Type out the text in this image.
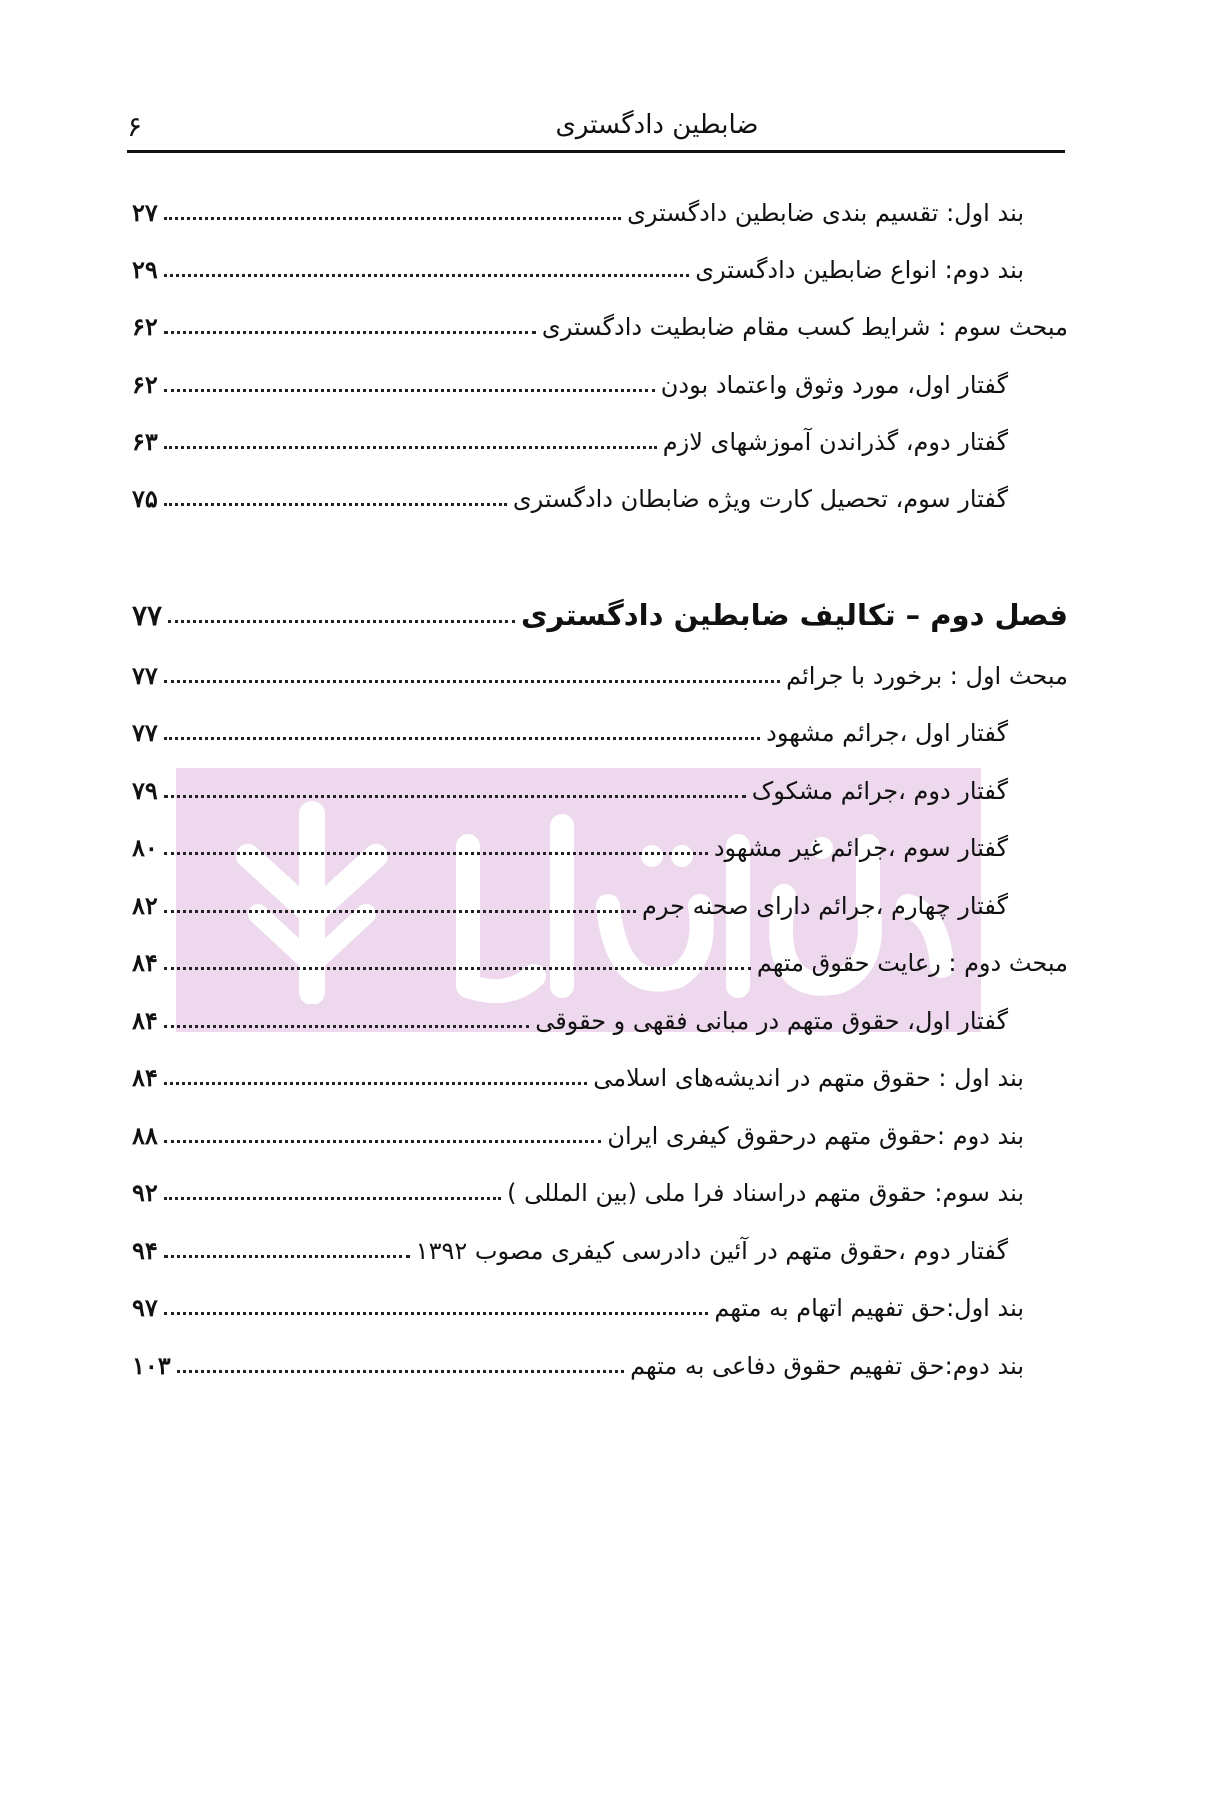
۶	ضابطین دادگستری
۲۷	بند اول: تقسیم بندی ضابطین دادگستری
۲۹	بند دوم: انواع ضابطین دادگستری
۶۲	مبحث سوم : شرایط کسب مقام ضابطیت دادگستری
۶۲	گفتار اول، مورد وثوق واعتماد بودن
۶۳	گفتار دوم، گذراندن آموزشهای لازم
۷۵	گفتار سوم، تحصیل کارت ویژه ضابطان دادگستری
۷۷	فصل دوم – تکالیف ضابطین دادگستری
۷۷	مبحث اول : برخورد با جرائم
۷۷	گفتار اول ،جرائم مشهود
۷۹	گفتار دوم ،جرائم مشکوک
۸۰	گفتار سوم ،جرائم غیر مشهود
۸۲	گفتار چهارم ،جرائم دارای صحنه جرم
۸۴	مبحث دوم : رعایت حقوق متهم
۸۴	گفتار اول، حقوق متهم در مبانی فقهی و حقوقی
۸۴	بند اول : حقوق متهم در اندیشه‌های اسلامی
۸۸	بند دوم :حقوق متهم درحقوق کیفری ایران
۹۲	بند سوم: حقوق متهم دراسناد فرا ملی (بین المللی )
۹۴	گفتار دوم ،حقوق متهم در آئین دادرسی کیفری مصوب ۱۳۹۲
۹۷	بند اول:حق تفهیم اتهام به متهم
۱۰۳	بند دوم:حق تفهیم حقوق دفاعی به متهم
